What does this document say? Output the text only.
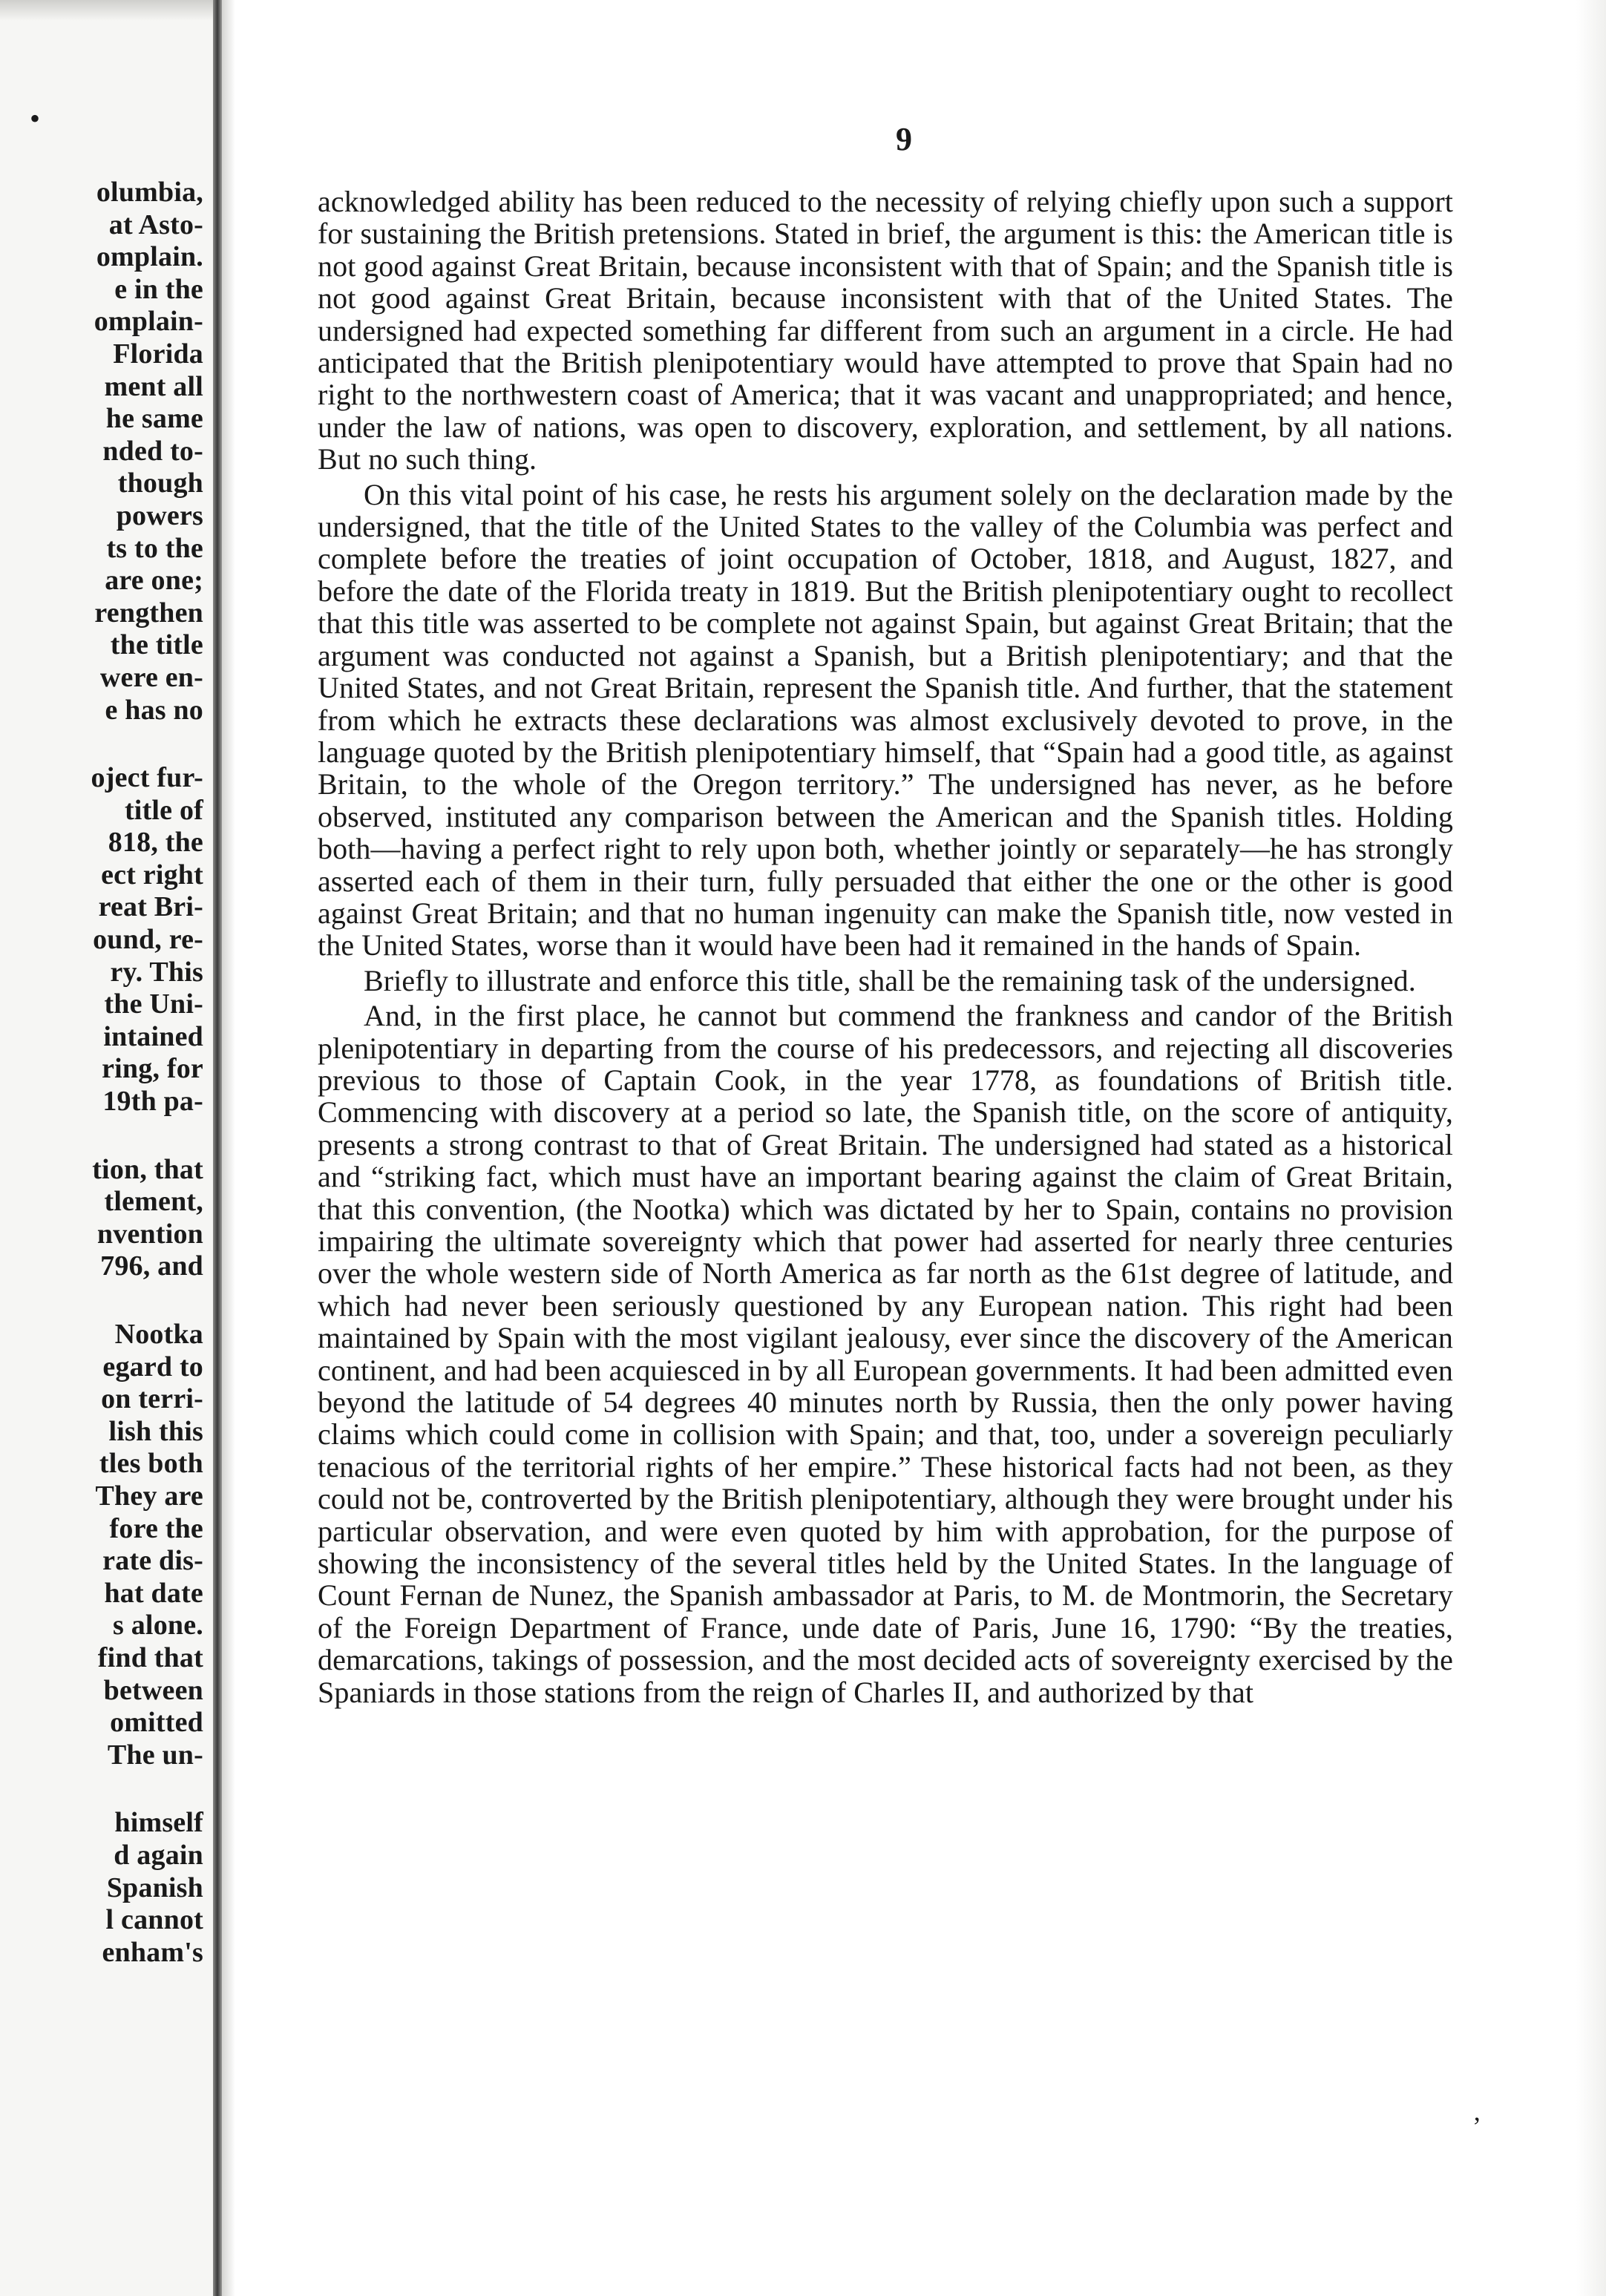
•
olumbia,
at Asto-
omplain.
e in the
omplain-
Florida
ment all
he same
nded to-
though
powers
ts to the
are one;
rengthen
the title
were en-
e has no
oject fur-
title of
818, the
ect right
reat Bri-
ound, re-
ry. This
the Uni-
intained
ring, for
19th pa-
tion, that
tlement,
nvention
796, and
Nootka
egard to
on terri-
lish this
tles both
They are
fore the
rate dis-
hat date
s alone.
find that
between
omitted
The un-
himself
d again
Spanish
l cannot
enham's
9

acknowledged ability has been reduced to the necessity of relying chiefly upon such a support for sustaining the British pretensions. Stated in brief, the argument is this: the American title is not good against Great Britain, because inconsistent with that of Spain; and the Spanish title is not good against Great Britain, because inconsistent with that of the United States. The undersigned had expected something far different from such an argument in a circle. He had anticipated that the British plenipotentiary would have attempted to prove that Spain had no right to the northwestern coast of America; that it was vacant and unappropriated; and hence, under the law of nations, was open to discovery, exploration, and settlement, by all nations. But no such thing.

On this vital point of his case, he rests his argument solely on the declaration made by the undersigned, that the title of the United States to the valley of the Columbia was perfect and complete before the treaties of joint occupation of October, 1818, and August, 1827, and before the date of the Florida treaty in 1819. But the British plenipotentiary ought to recollect that this title was asserted to be complete not against Spain, but against Great Britain; that the argument was conducted not against a Spanish, but a British plenipotentiary; and that the United States, and not Great Britain, represent the Spanish title. And further, that the statement from which he extracts these declarations was almost exclusively devoted to prove, in the language quoted by the British plenipotentiary himself, that “Spain had a good title, as against Britain, to the whole of the Oregon territory.” The undersigned has never, as he before observed, instituted any comparison between the American and the Spanish titles. Holding both—having a perfect right to rely upon both, whether jointly or separately—he has strongly asserted each of them in their turn, fully persuaded that either the one or the other is good against Great Britain; and that no human ingenuity can make the Spanish title, now vested in the United States, worse than it would have been had it remained in the hands of Spain.

Briefly to illustrate and enforce this title, shall be the remaining task of the undersigned.

And, in the first place, he cannot but commend the frankness and candor of the British plenipotentiary in departing from the course of his predecessors, and rejecting all discoveries previous to those of Captain Cook, in the year 1778, as foundations of British title. Commencing with discovery at a period so late, the Spanish title, on the score of antiquity, presents a strong contrast to that of Great Britain. The undersigned had stated as a historical and “striking fact, which must have an important bearing against the claim of Great Britain, that this convention, (the Nootka) which was dictated by her to Spain, contains no provision impairing the ultimate sovereignty which that power had asserted for nearly three centuries over the whole western side of North America as far north as the 61st degree of latitude, and which had never been seriously questioned by any European nation. This right had been maintained by Spain with the most vigilant jealousy, ever since the discovery of the American continent, and had been acquiesced in by all European governments. It had been admitted even beyond the latitude of 54 degrees 40 minutes north by Russia, then the only power having claims which could come in collision with Spain; and that, too, under a sovereign peculiarly tenacious of the territorial rights of her empire.” These historical facts had not been, as they could not be, controverted by the British plenipotentiary, although they were brought under his particular observation, and were even quoted by him with approbation, for the purpose of showing the inconsistency of the several titles held by the United States. In the language of Count Fernan de Nunez, the Spanish ambassador at Paris, to M. de Montmorin, the Secretary of the Foreign Department of France, unde date of Paris, June 16, 1790: “By the treaties, demarcations, takings of possession, and the most decided acts of sovereignty exercised by the Spaniards in those stations from the reign of Charles II, and authorized by that

‚
